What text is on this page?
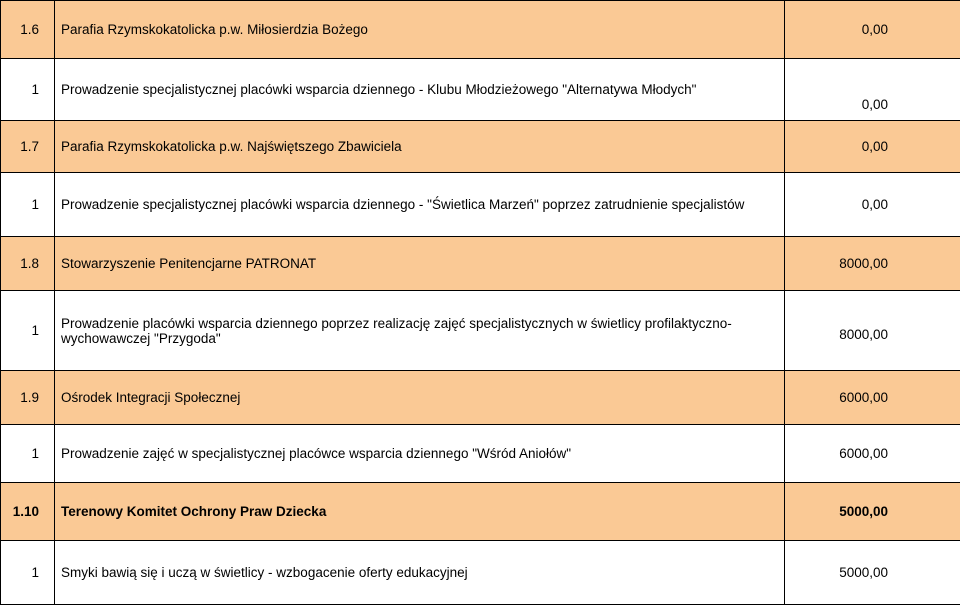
1.6	Parafia Rzymskokatolicka p.w. Miłosierdzia Bożego	0,00
1	Prowadzenie specjalistycznej placówki wsparcia dziennego - Klubu Młodzieżowego "Alternatywa Młodych"	0,00
1.7	Parafia Rzymskokatolicka p.w. Najświętszego Zbawiciela	0,00
1	Prowadzenie specjalistycznej placówki wsparcia dziennego - "Świetlica Marzeń" poprzez zatrudnienie specjalistów	0,00
1.8	Stowarzyszenie Penitencjarne PATRONAT	8000,00
1	Prowadzenie placówki wsparcia dziennego poprzez realizację zajęć specjalistycznych w świetlicy profilaktyczno-wychowawczej "Przygoda"	8000,00
1.9	Ośrodek Integracji Społecznej	6000,00
1	Prowadzenie zajęć w specjalistycznej placówce wsparcia dziennego "Wśród Aniołów"	6000,00
1.10	Terenowy Komitet Ochrony Praw Dziecka	5000,00
1	Smyki bawią się i uczą w świetlicy - wzbogacenie oferty edukacyjnej	5000,00
